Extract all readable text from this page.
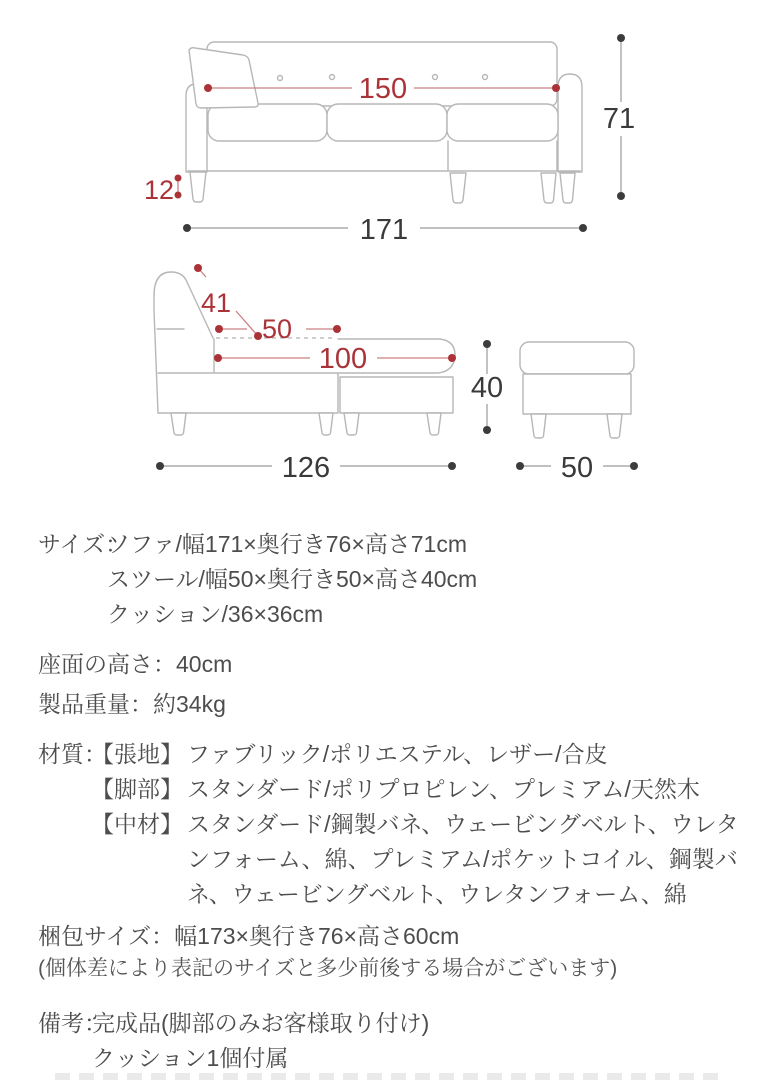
150
71
12
171
41
50
100
40
126	50
サイズ：
ソファ/幅171×奥行き76×高さ71cm
スツール/幅50×奥行き50×高さ40cm
クッション/36×36cm
座面の高さ：40cm
製品重量：約34kg
材質：
【張地】 ファブリック/ポリエステル、レザー/合皮
【脚部】 スタンダード/ポリプロピレン、プレミアム/天然木
【中材】 スタンダード/鋼製バネ、ウェービングベルト、ウレタンフォーム、綿、プレミアム/ポケットコイル、鋼製バネ、ウェービングベルト、ウレタンフォーム、綿
梱包サイズ：幅173×奥行き76×高さ60cm
(個体差により表記のサイズと多少前後する場合がございます)
備考：
完成品(脚部のみお客様取り付け)
クッション1個付属
